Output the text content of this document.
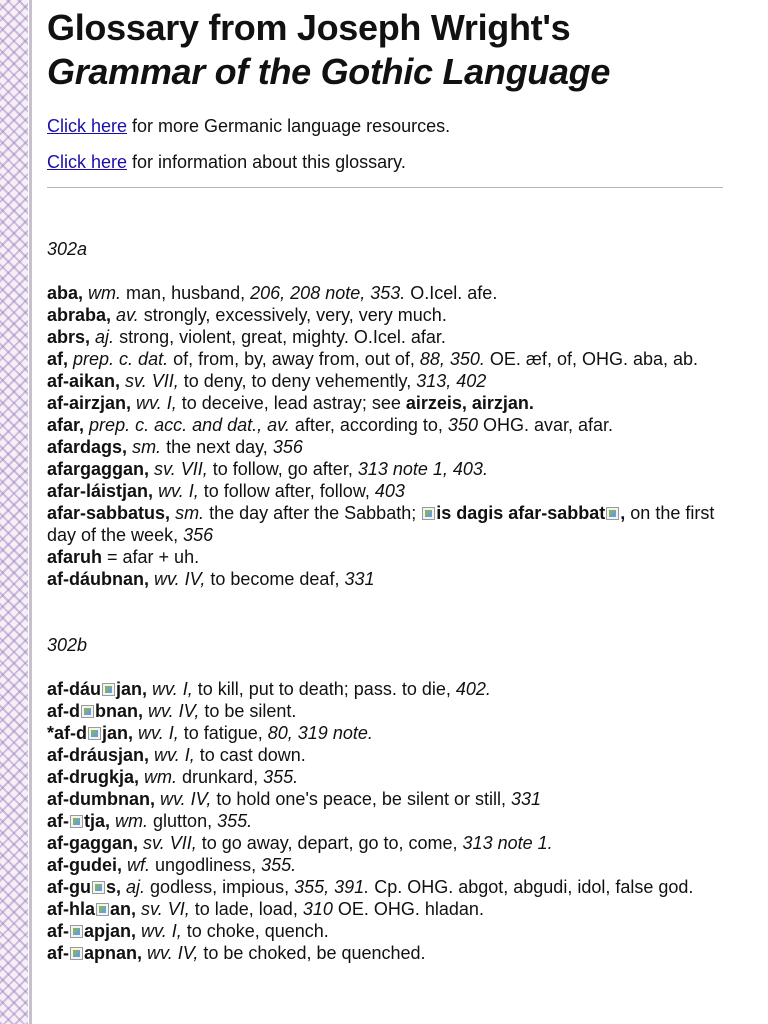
Glossary from Joseph Wright's
Grammar of the Gothic Language

Click here for more Germanic language resources.

Click here for information about this glossary.

302a

aba, wm. man, husband, 206, 208 note, 353. O.Icel. afe.

abraba, av. strongly, excessively, very, very much.

abrs, aj. strong, violent, great, mighty. O.Icel. afar.

af, prep. c. dat. of, from, by, away from, out of, 88, 350. OE. æf, of, OHG. aba, ab.

af-aikan, sv. VII, to deny, to deny vehemently, 313, 402

af-airzjan, wv. I, to deceive, lead astray; see airzeis, airzjan.

afar, prep. c. acc. and dat., av. after, according to, 350 OHG. avar, afar.

afardags, sm. the next day, 356

afargaggan, sv. VII, to follow, go after, 313 note 1, 403.

afar-láistjan, wv. I, to follow after, follow, 403

afar-sabbatus, sm. the day after the Sabbath; is dagis afar-sabbat , on the first day of the week, 356

afaruh = afar + uh.

af-dáubnan, wv. IV, to become deaf, 331

302b

af-dáu jan, wv. I, to kill, put to death; pass. to die, 402.

af-d bnan, wv. IV, to be silent.

*af-d jan, wv. I, to fatigue, 80, 319 note.

af-dráusjan, wv. I, to cast down.

af-drugkja, wm. drunkard, 355.

af-dumbnan, wv. IV, to hold one's peace, be silent or still, 331

af- tja, wm. glutton, 355.

af-gaggan, sv. VII, to go away, depart, go to, come, 313 note 1.

af-gudei, wf. ungodliness, 355.

af-gu s, aj. godless, impious, 355, 391. Cp. OHG. abgot, abgudi, idol, false god.

af-hla an, sv. VI, to lade, load, 310 OE. OHG. hladan.

af- apjan, wv. I, to choke, quench.

af- apnan, wv. IV, to be choked, be quenched.
